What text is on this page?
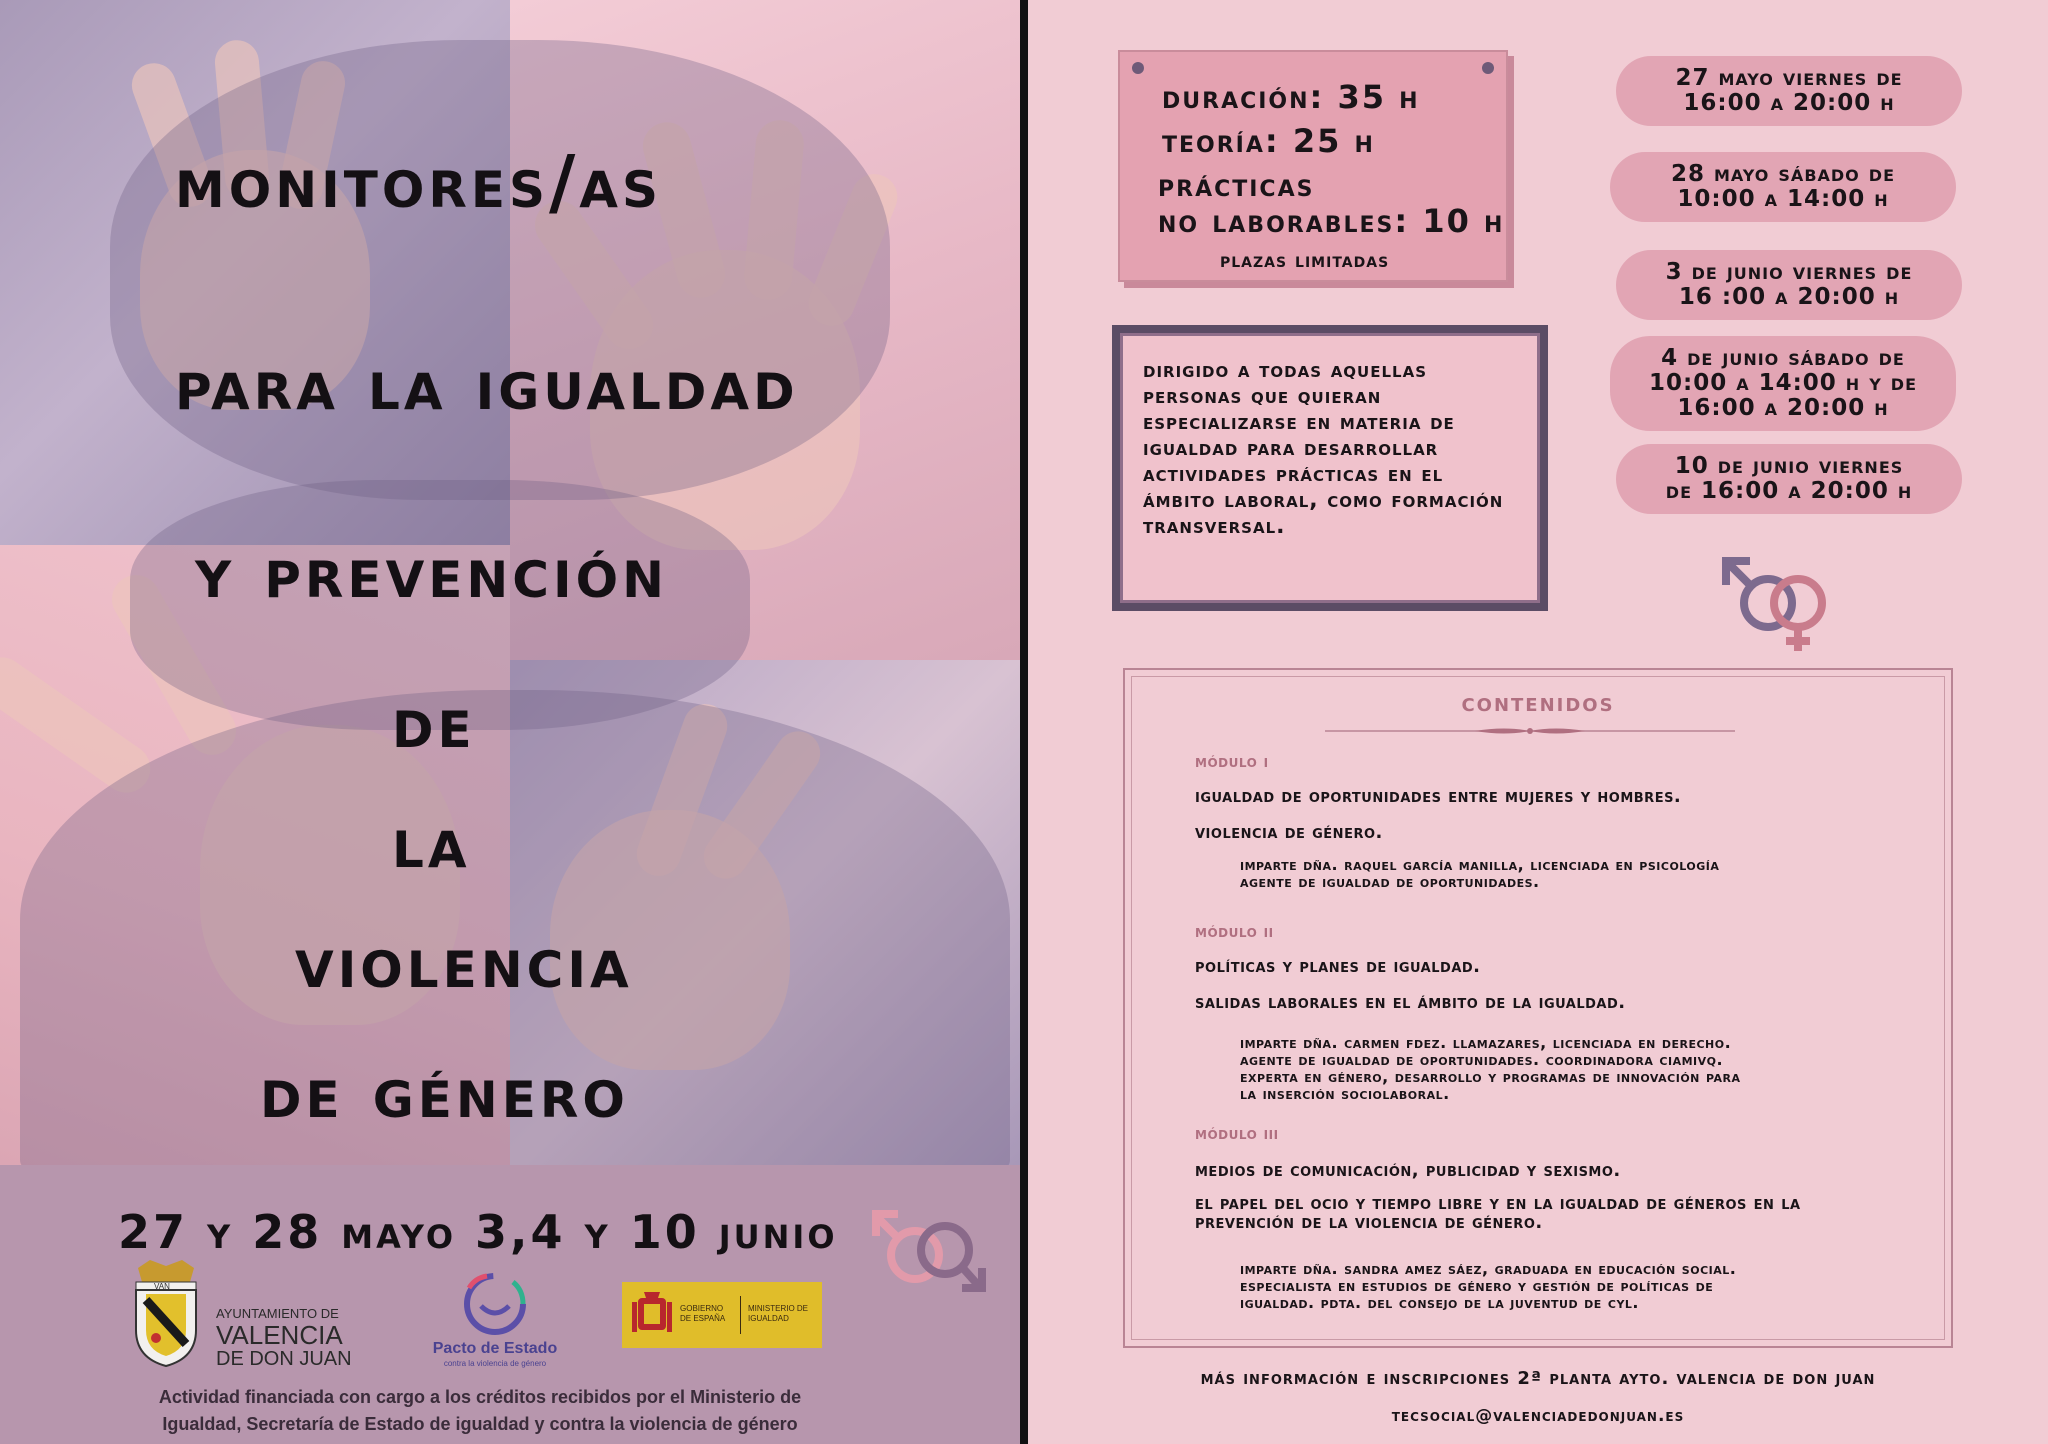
monitores/as
para la igualdad
y prevención
de
la
violencia
de género
27 y 28 mayo 3,4 y 10 junio
VAN
AYUNTAMIENTO DE
VALENCIA
DE DON JUAN	Pacto de Estado
contra la violencia de género
GOBIERNO DE ESPAÑA
MINISTERIO DE IGUALDAD
Actividad financiada con cargo a los créditos recibidos por el Ministerio de Igualdad, Secretaría de Estado de igualdad y contra la violencia de género
duración: 35 h
teoría: 25 h
prácticas
no laborables: 10 h
plazas limitadas

dirigido a todas aquellas personas que quieran especializarse en materia de igualdad para desarrollar actividades prácticas en el ámbito laboral, como formación transversal.

27 mayo viernes de
16:00 a 20:00 h
28 mayo sábado de
10:00 a 14:00 h
3 de junio viernes de
16 :00 a 20:00 h
4 de junio sábado de
10:00 a 14:00 h y de
16:00 a 20:00 h
10 de junio viernes
de 16:00 a 20:00 h
contenidos
módulo i
igualdad de oportunidades entre mujeres y hombres.
violencia de género.
imparte dña. raquel garcía manilla, licenciada en psicología
agente de igualdad de oportunidades.
módulo ii
políticas y planes de igualdad.
salidas laborales en el ámbito de la igualdad.
imparte dña. carmen fdez. llamazares, licenciada en derecho.
agente de igualdad de oportunidades. coordinadora ciamivq.
experta en género, desarrollo y programas de innovación para
la inserción sociolaboral.
módulo iii
medios de comunicación, publicidad y sexismo.
el papel del ocio y tiempo libre y en la igualdad de géneros en la
prevención de la violencia de género.
imparte dña. sandra amez sáez, graduada en educación social.
especialista en estudios de género y gestión de políticas de
igualdad. pdta. del consejo de la juventud de cyl.
más información e inscripciones 2ª planta ayto. valencia de don juan
tecsocial@valenciadedonjuan.es
